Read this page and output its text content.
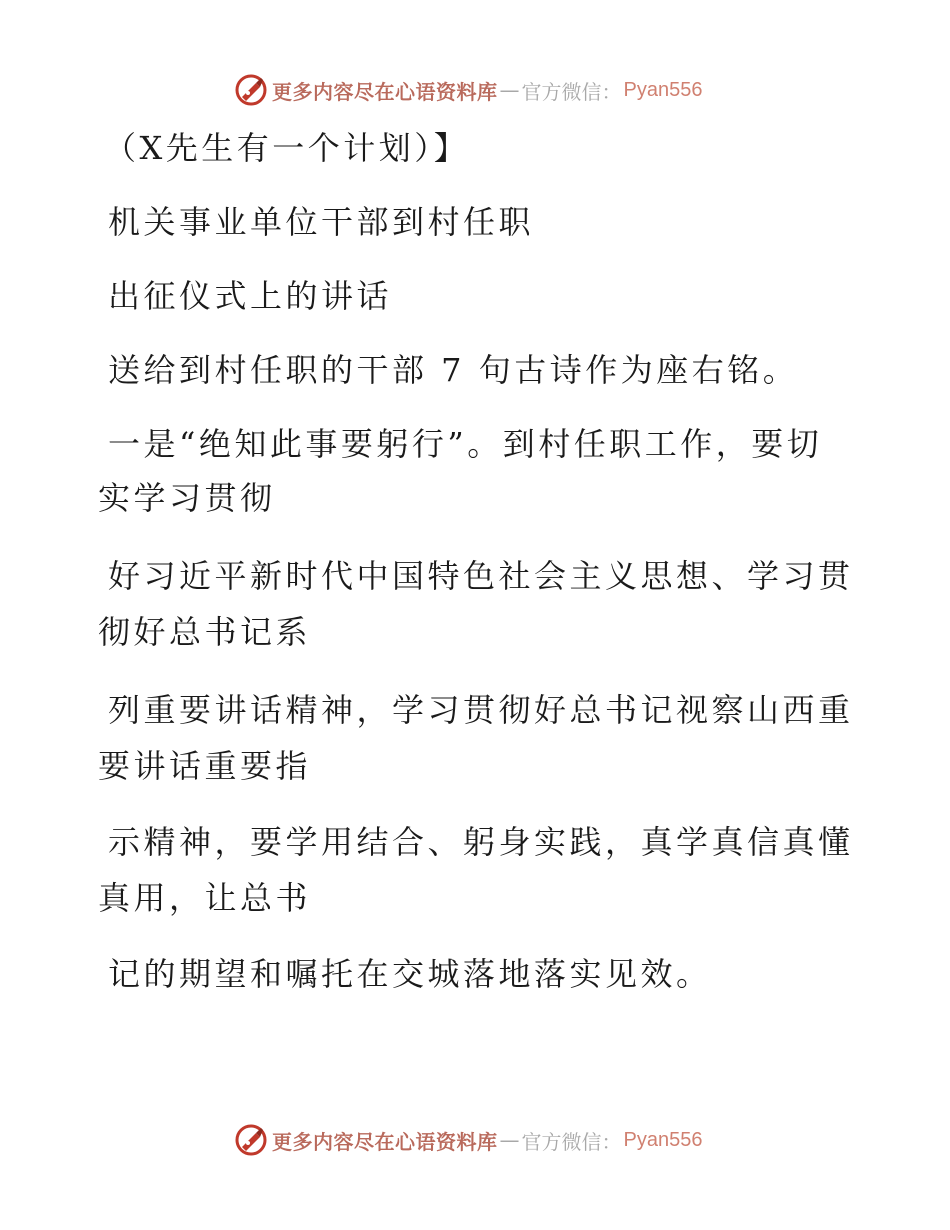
更多内容尽在心语资料库 — 官方微信： Pyan556
（X先生有一个计划）】
机关事业单位干部到村任职
出征仪式上的讲话
送给到村任职的干部 7 句古诗作为座右铭。
一是“绝知此事要躬行”。到村任职工作，要切
实学习贯彻
好习近平新时代中国特色社会主义思想、学习贯
彻好总书记系
列重要讲话精神，学习贯彻好总书记视察山西重
要讲话重要指
示精神，要学用结合、躬身实践，真学真信真懂
真用，让总书
记的期望和嘱托在交城落地落实见效。
更多内容尽在心语资料库 — 官方微信： Pyan556
